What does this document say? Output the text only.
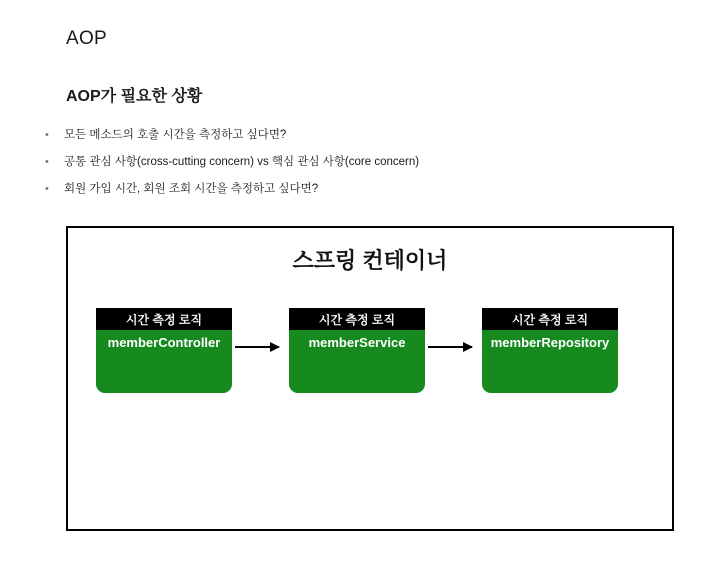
AOP
AOP가 필요한 상황
•	모든 메소드의 호출 시간을 측정하고 싶다면?
•	공통 관심 사항(cross-cutting concern) vs 핵심 관심 사항(core concern)
•	회원 가입 시간, 회원 조회 시간을 측정하고 싶다면?
스프링 컨테이너
시간 측정 로직
memberController
시간 측정 로직
memberService
시간 측정 로직
memberRepository
